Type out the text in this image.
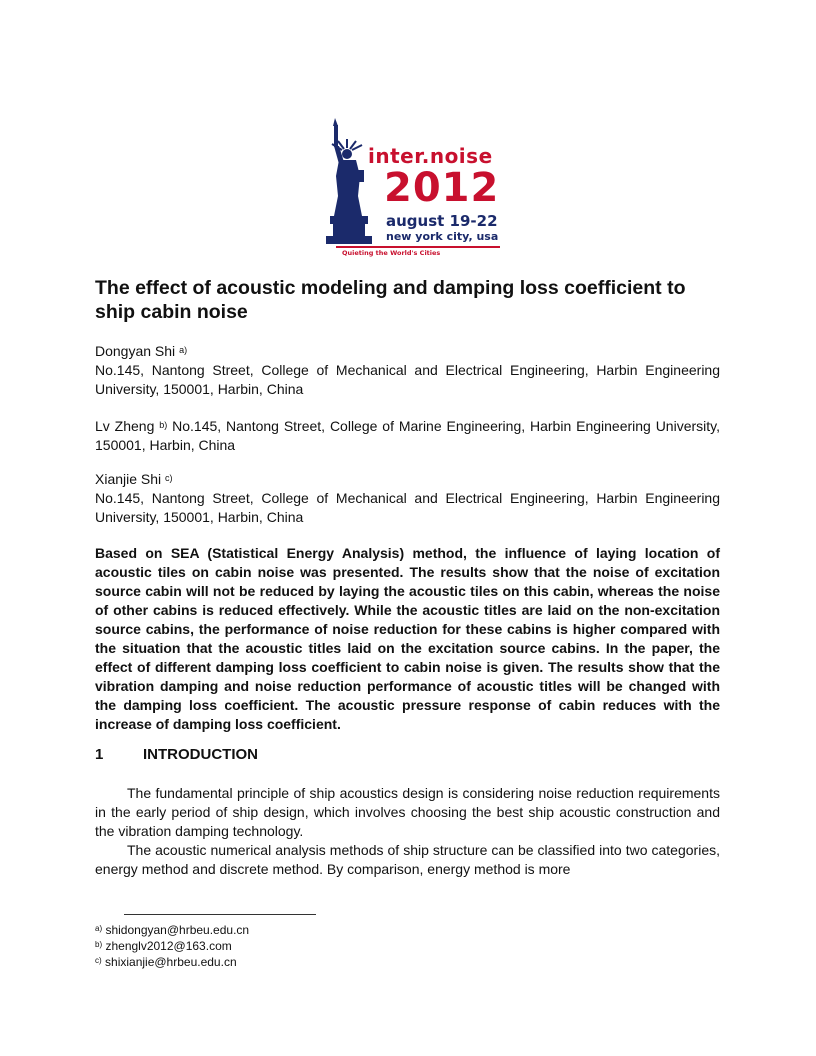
inter.noise
2012
august 19-22
new york city, usa
Quieting the World's Cities
The effect of acoustic modeling and damping loss coefficient to ship cabin noise
Dongyan Shi $^{a)}$
No.145, Nantong Street, College of Mechanical and Electrical Engineering, Harbin Engineering University, 150001, Harbin, China
Lv Zheng $^{b)}$ No.145, Nantong Street, College of Marine Engineering, Harbin Engineering University, 150001, Harbin, China
Xianjie Shi $^{c)}$
No.145, Nantong Street, College of Mechanical and Electrical Engineering, Harbin Engineering University, 150001, Harbin, China

Based on SEA (Statistical Energy Analysis) method, the influence of laying location of acoustic tiles on cabin noise was presented. The results show that the noise of excitation source cabin will not be reduced by laying the acoustic tiles on this cabin, whereas the noise of other cabins is reduced effectively. While the acoustic titles are laid on the non-excitation source cabins, the performance of noise reduction for these cabins is higher compared with the situation that the acoustic titles laid on the excitation source cabins. In the paper, the effect of different damping loss coefficient to cabin noise is given. The results show that the vibration damping and noise reduction performance of acoustic titles will be changed with the damping loss coefficient. The acoustic pressure response of cabin reduces with the increase of damping loss coefficient.

1	INTRODUCTION

The fundamental principle of ship acoustics design is considering noise reduction requirements in the early period of ship design, which involves choosing the best ship acoustic construction and the vibration damping technology.

The acoustic numerical analysis methods of ship structure can be classified into two categories, energy method and discrete method. By comparison, energy method is more

$^{a)}$ shidongyan@hrbeu.edu.cn
$^{b)}$ zhenglv2012@163.com
$^{c)}$ shixianjie@hrbeu.edu.cn
